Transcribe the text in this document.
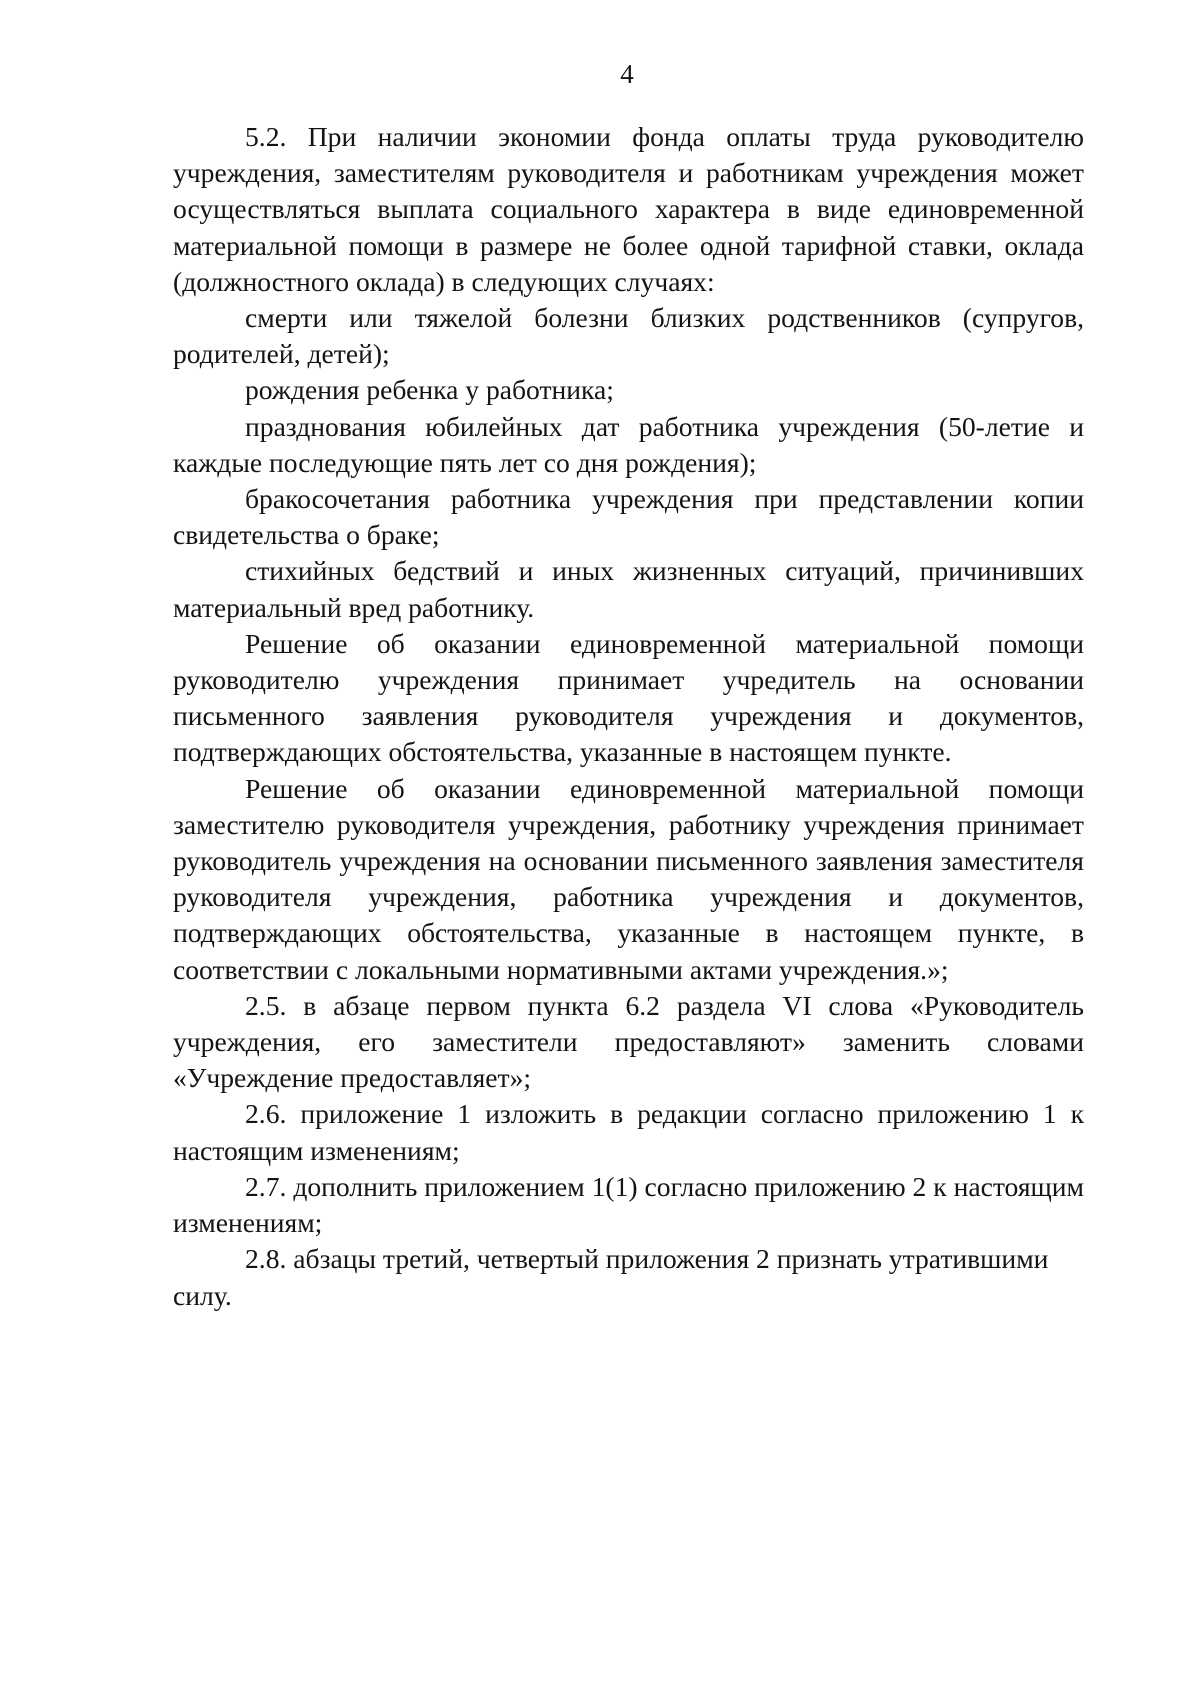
4

5.2. При наличии экономии фонда оплаты труда руководителю учреждения, заместителям руководителя и работникам учреждения может осуществляться выплата социального характера в виде единовременной материальной помощи в размере не более одной тарифной ставки, оклада (должностного оклада) в следующих случаях:

смерти или тяжелой болезни близких родственников (супругов, родителей, детей);

рождения ребенка у работника;

празднования юбилейных дат работника учреждения (50-летие и каждые последующие пять лет со дня рождения);

бракосочетания работника учреждения при представлении копии свидетельства о браке;

стихийных бедствий и иных жизненных ситуаций, причинивших материальный вред работнику.

Решение об оказании единовременной материальной помощи руководителю учреждения принимает учредитель на основании письменного заявления руководителя учреждения и документов, подтверждающих обстоятельства, указанные в настоящем пункте.

Решение об оказании единовременной материальной помощи заместителю руководителя учреждения, работнику учреждения принимает руководитель учреждения на основании письменного заявления заместителя руководителя учреждения, работника учреждения и документов, подтверждающих обстоятельства, указанные в настоящем пункте, в соответствии с локальными нормативными актами учреждения.»;

2.5. в абзаце первом пункта 6.2 раздела VI слова «Руководитель учреждения, его заместители предоставляют» заменить словами «Учреждение предоставляет»;

2.6. приложение 1 изложить в редакции согласно приложению 1 к настоящим изменениям;

2.7. дополнить приложением 1(1) согласно приложению 2 к настоящим изменениям;

2.8. абзацы третий, четвертый приложения 2 признать утратившими силу.
